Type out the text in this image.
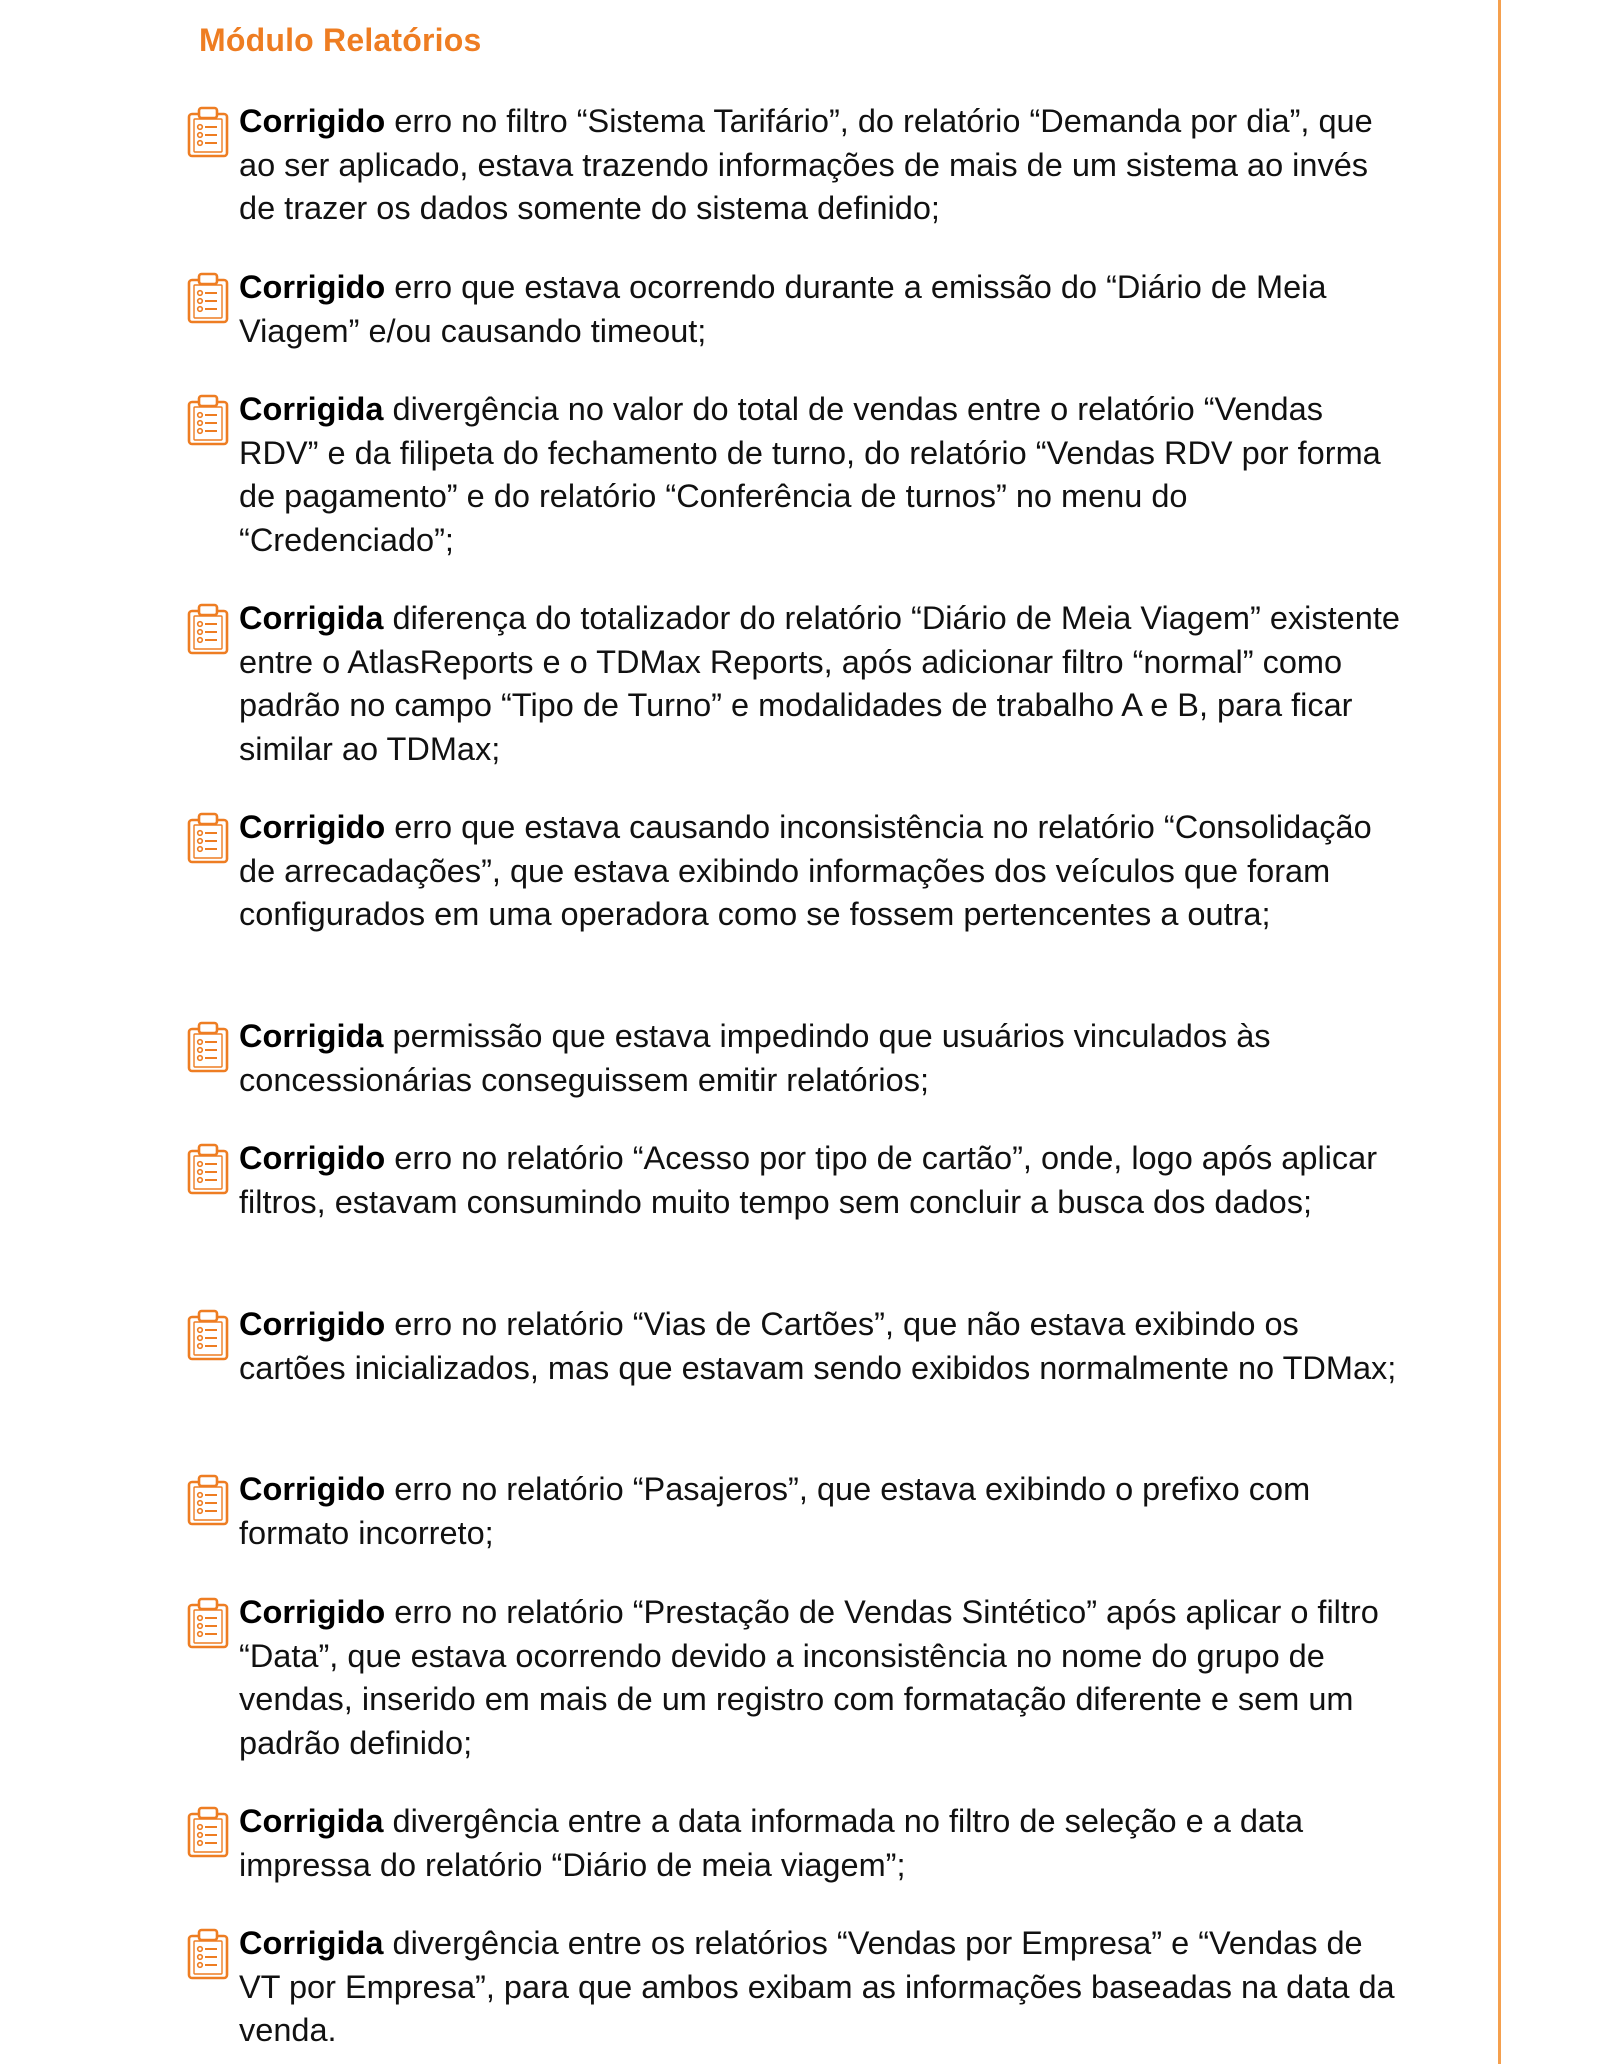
Módulo Relatórios

Corrigido erro no filtro “Sistema Tarifário”, do relatório “Demanda por dia”, que ao ser aplicado, estava trazendo informações de mais de um sistema ao invés de trazer os dados somente do sistema definido;

Corrigido erro que estava ocorrendo durante a emissão do “Diário de Meia Viagem” e/ou causando timeout;

Corrigida divergência no valor do total de vendas entre o relatório “Vendas RDV” e da filipeta do fechamento de turno, do relatório “Vendas RDV por forma de pagamento” e do relatório “Conferência de turnos” no menu do “Credenciado”;

Corrigida diferença do totalizador do relatório “Diário de Meia Viagem” existente entre o AtlasReports e o TDMax Reports, após adicionar filtro “normal” como padrão no campo “Tipo de Turno” e modalidades de trabalho A e B, para ficar similar ao TDMax;

Corrigido erro que estava causando inconsistência no relatório “Consolidação de arrecadações”, que estava exibindo informações dos veículos que foram configurados em uma operadora como se fossem pertencentes a outra;

Corrigida permissão que estava impedindo que usuários vinculados às concessionárias conseguissem emitir relatórios;

Corrigido erro no relatório “Acesso por tipo de cartão”, onde, logo após aplicar filtros, estavam consumindo muito tempo sem concluir a busca dos dados;

Corrigido erro no relatório “Vias de Cartões”, que não estava exibindo os cartões inicializados, mas que estavam sendo exibidos normalmente no TDMax;

Corrigido erro no relatório “Pasajeros”, que estava exibindo o prefixo com formato incorreto;

Corrigido erro no relatório “Prestação de Vendas Sintético” após aplicar o filtro “Data”, que estava ocorrendo devido a inconsistência no nome do grupo de vendas, inserido em mais de um registro com formatação diferente e sem um padrão definido;

Corrigida divergência entre a data informada no filtro de seleção e a data impressa do relatório “Diário de meia viagem”;

Corrigida divergência entre os relatórios “Vendas por Empresa” e “Vendas de VT por Empresa”, para que ambos exibam as informações baseadas na data da venda.
